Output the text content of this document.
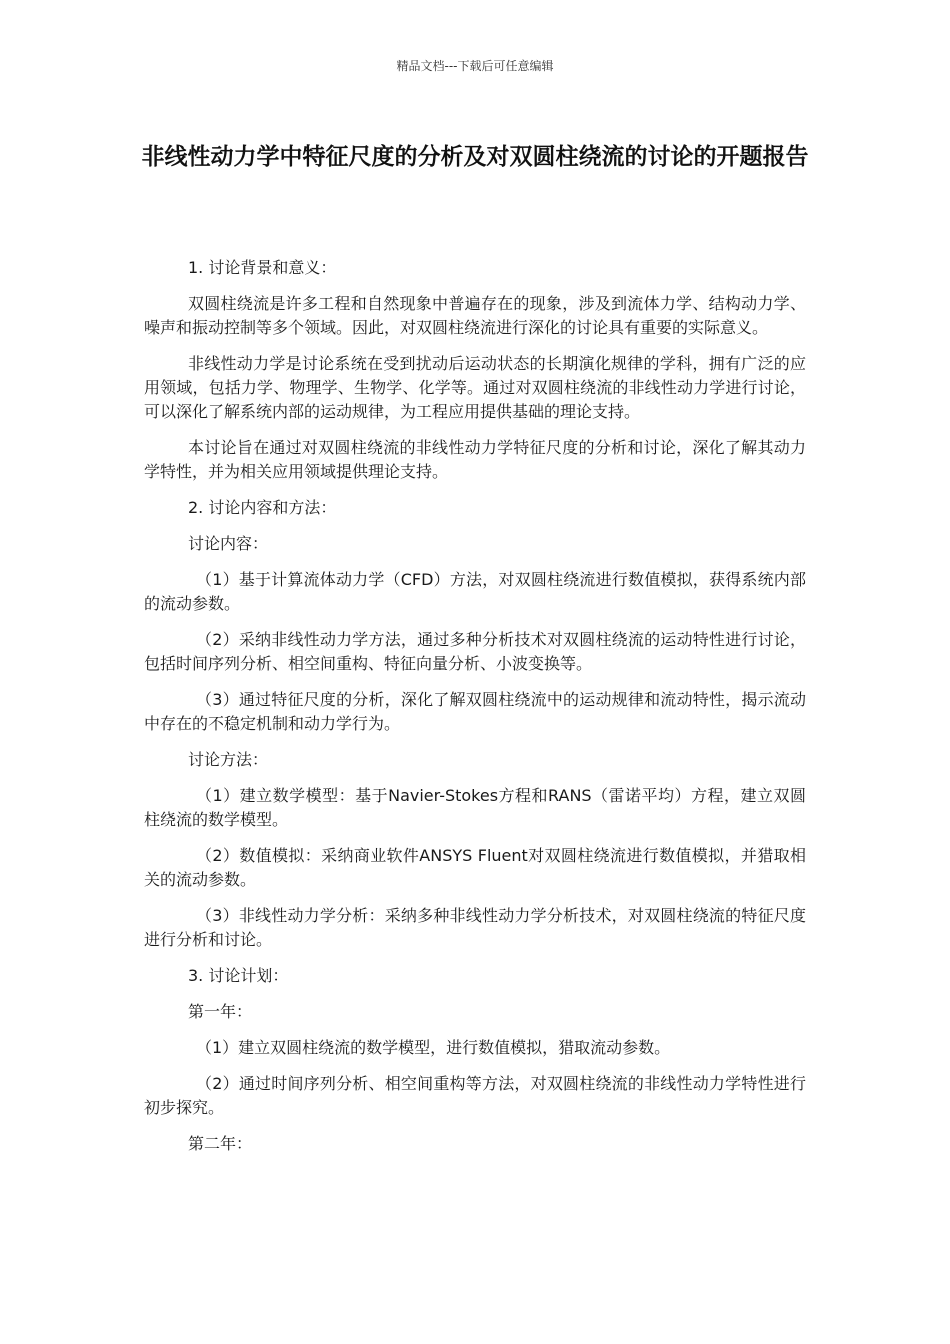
精品文档---下载后可任意编辑
非线性动力学中特征尺度的分析及对双圆柱绕流的讨论的开题报告

1. 讨论背景和意义：

双圆柱绕流是许多工程和自然现象中普遍存在的现象，涉及到流体力学、结构动力学、噪声和振动控制等多个领域。因此，对双圆柱绕流进行深化的讨论具有重要的实际意义。

非线性动力学是讨论系统在受到扰动后运动状态的长期演化规律的学科，拥有广泛的应用领域，包括力学、物理学、生物学、化学等。通过对双圆柱绕流的非线性动力学进行讨论，可以深化了解系统内部的运动规律，为工程应用提供基础的理论支持。

本讨论旨在通过对双圆柱绕流的非线性动力学特征尺度的分析和讨论，深化了解其动力学特性，并为相关应用领域提供理论支持。

2. 讨论内容和方法：

讨论内容：

（1）基于计算流体动力学（CFD）方法，对双圆柱绕流进行数值模拟，获得系统内部的流动参数。

（2）采纳非线性动力学方法，通过多种分析技术对双圆柱绕流的运动特性进行讨论，包括时间序列分析、相空间重构、特征向量分析、小波变换等。

（3）通过特征尺度的分析，深化了解双圆柱绕流中的运动规律和流动特性，揭示流动中存在的不稳定机制和动力学行为。

讨论方法：

（1）建立数学模型：基于Navier-Stokes方程和RANS（雷诺平均）方程，建立双圆柱绕流的数学模型。

（2）数值模拟：采纳商业软件ANSYS Fluent对双圆柱绕流进行数值模拟，并猎取相关的流动参数。

（3）非线性动力学分析：采纳多种非线性动力学分析技术，对双圆柱绕流的特征尺度进行分析和讨论。

3. 讨论计划：

第一年：

（1）建立双圆柱绕流的数学模型，进行数值模拟，猎取流动参数。

（2）通过时间序列分析、相空间重构等方法，对双圆柱绕流的非线性动力学特性进行初步探究。

第二年：
